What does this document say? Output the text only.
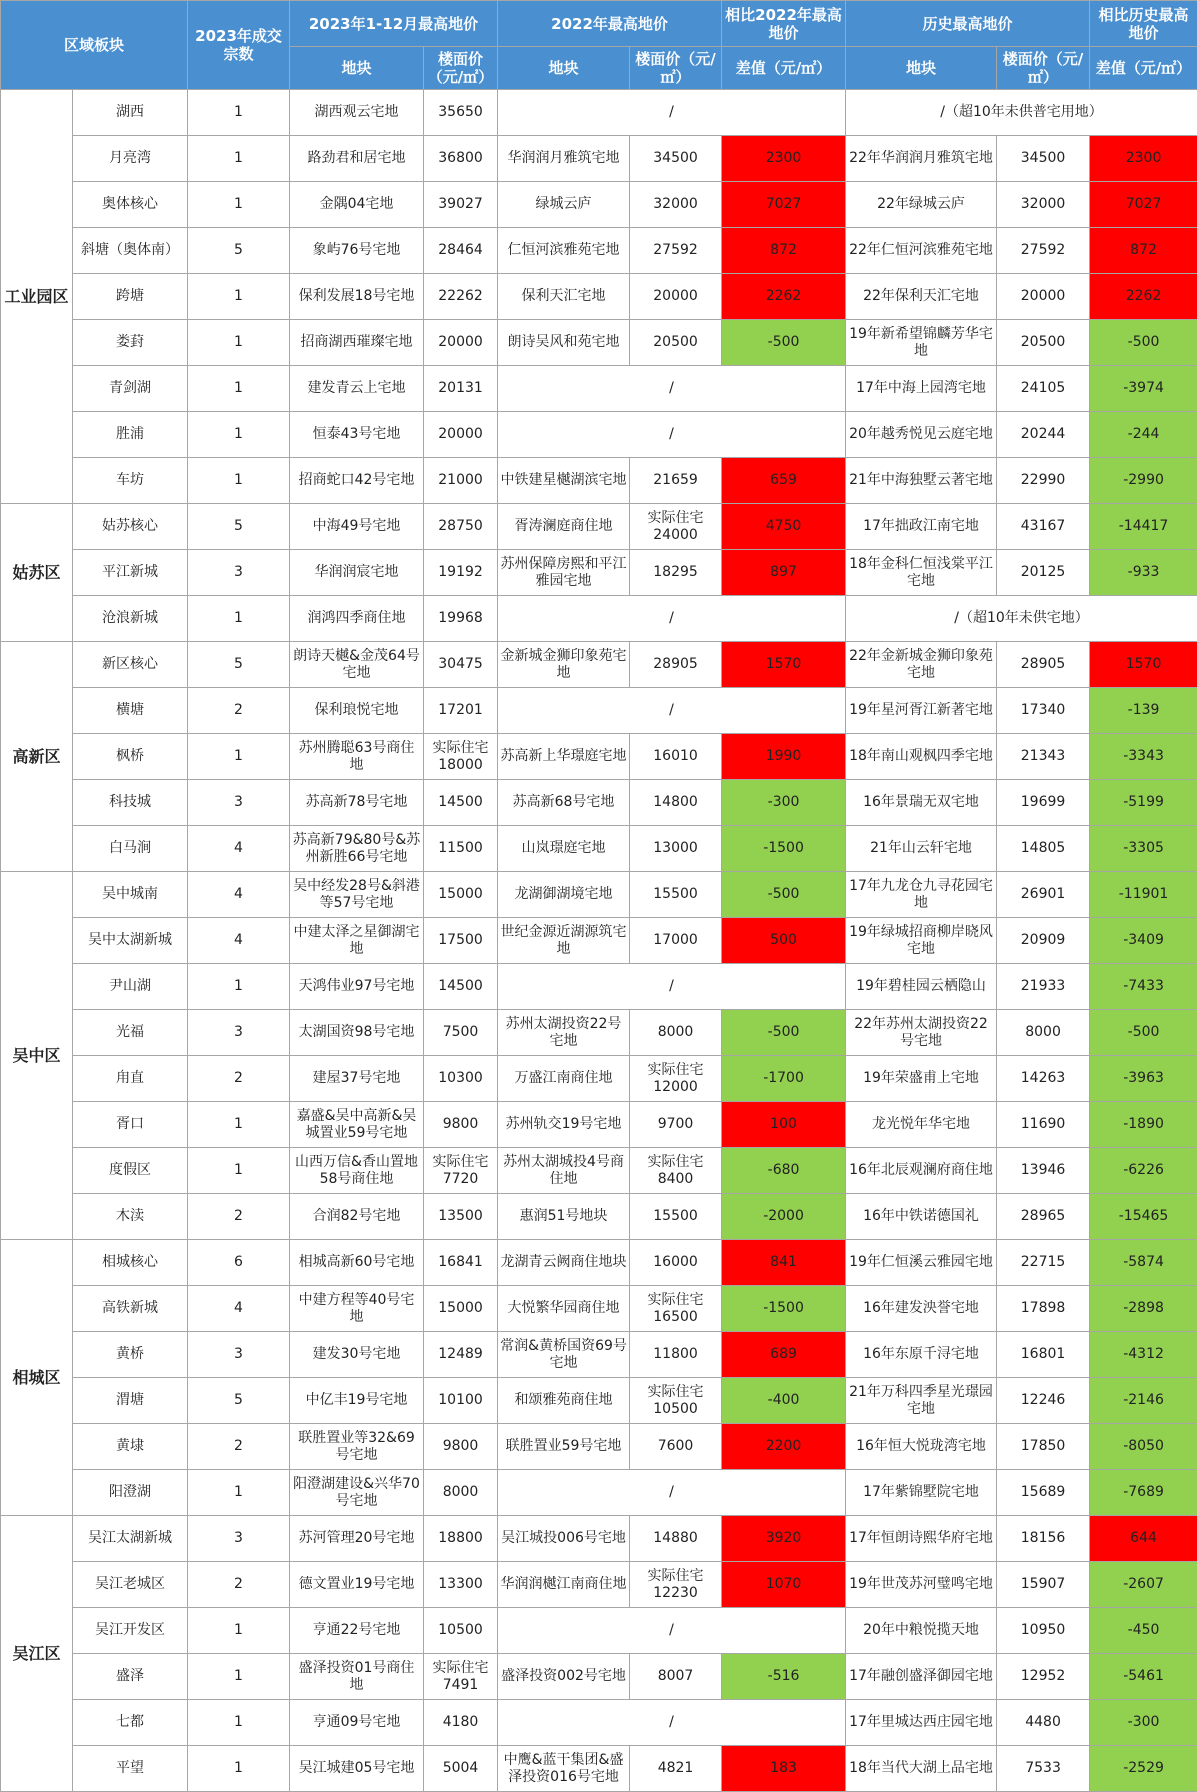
区域板块		2023年成交宗数	2023年1-12月最高地价		2022年最高地价		相比2022年最高地价	历史最高地价		相比历史最高地价
			地块	楼面价（元/㎡）	地块	楼面价（元/㎡）	差值（元/㎡）	地块	楼面价（元/㎡）	差值（元/㎡）
工业园区	湖西	1	湖西观云宅地	35650	/			/（超10年未供普宅用地）		
	月亮湾	1	路劲君和居宅地	36800	华润润月雅筑宅地	34500	2300	22年华润润月雅筑宅地	34500	2300
	奥体核心	1	金隅04宅地	39027	绿城云庐	32000	7027	22年绿城云庐	32000	7027
	斜塘（奥体南）	5	象屿76号宅地	28464	仁恒河滨雅苑宅地	27592	872	22年仁恒河滨雅苑宅地	27592	872
	跨塘	1	保利发展18号宅地	22262	保利天汇宅地	20000	2262	22年保利天汇宅地	20000	2262
	娄葑	1	招商湖西璀璨宅地	20000	朗诗吴风和苑宅地	20500	-500	19年新希望锦麟芳华宅地	20500	-500
	青剑湖	1	建发青云上宅地	20131	/			17年中海上园湾宅地	24105	-3974
	胜浦	1	恒泰43号宅地	20000	/			20年越秀悦见云庭宅地	20244	-244
	车坊	1	招商蛇口42号宅地	21000	中铁建星樾湖滨宅地	21659	659	21年中海独墅云著宅地	22990	-2990
姑苏区	姑苏核心	5	中海49号宅地	28750	胥涛澜庭商住地	实际住宅24000	4750	17年拙政江南宅地	43167	-14417
	平江新城	3	华润润宸宅地	19192	苏州保障房熙和平江雅园宅地	18295	897	18年金科仁恒浅棠平江宅地	20125	-933
	沧浪新城	1	润鸿四季商住地	19968	/			/（超10年未供宅地）		
高新区	新区核心	5	朗诗天樾&金茂64号宅地	30475	金新城金狮印象苑宅地	28905	1570	22年金新城金狮印象苑宅地	28905	1570
	横塘	2	保利琅悦宅地	17201	/			19年星河胥江新著宅地	17340	-139
	枫桥	1	苏州腾聪63号商住地	实际住宅18000	苏高新上华璟庭宅地	16010	1990	18年南山观枫四季宅地	21343	-3343
	科技城	3	苏高新78号宅地	14500	苏高新68号宅地	14800	-300	16年景瑞无双宅地	19699	-5199
	白马涧	4	苏高新79&80号&苏州新胜66号宅地	11500	山岚璟庭宅地	13000	-1500	21年山云轩宅地	14805	-3305
吴中区	吴中城南	4	吴中经发28号&斜港等57号宅地	15000	龙湖御湖境宅地	15500	-500	17年九龙仓九寻花园宅地	26901	-11901
	吴中太湖新城	4	中建太泽之星御湖宅地	17500	世纪金源近湖源筑宅地	17000	500	19年绿城招商柳岸晓风宅地	20909	-3409
	尹山湖	1	天鸿伟业97号宅地	14500	/			19年碧桂园云栖隐山	21933	-7433
	光福	3	太湖国资98号宅地	7500	苏州太湖投资22号宅地	8000	-500	22年苏州太湖投资22号宅地	8000	-500
	甪直	2	建屋37号宅地	10300	万盛江南商住地	实际住宅12000	-1700	19年荣盛甫上宅地	14263	-3963
	胥口	1	嘉盛&吴中高新&吴城置业59号宅地	9800	苏州轨交19号宅地	9700	100	龙光悦年华宅地	11690	-1890
	度假区	1	山西万信&香山置地58号商住地	实际住宅7720	苏州太湖城投4号商住地	实际住宅8400	-680	16年北辰观澜府商住地	13946	-6226
	木渎	2	合润82号宅地	13500	惠润51号地块	15500	-2000	16年中铁诺德国礼	28965	-15465
相城区	相城核心	6	相城高新60号宅地	16841	龙湖青云阙商住地块	16000	841	19年仁恒溪云雅园宅地	22715	-5874
	高铁新城	4	中建方程等40号宅地	15000	大悦繁华园商住地	实际住宅16500	-1500	16年建发泱誉宅地	17898	-2898
	黄桥	3	建发30号宅地	12489	常润&黄桥国资69号宅地	11800	689	16年东原千浔宅地	16801	-4312
	渭塘	5	中亿丰19号宅地	10100	和颂雅苑商住地	实际住宅10500	-400	21年万科四季星光璟园宅地	12246	-2146
	黄埭	2	联胜置业等32&69号宅地	9800	联胜置业59号宅地	7600	2200	16年恒大悦珑湾宅地	17850	-8050
	阳澄湖	1	阳澄湖建设&兴华70号宅地	8000	/			17年紫锦墅院宅地	15689	-7689
吴江区	吴江太湖新城	3	苏河管理20号宅地	18800	吴江城投006号宅地	14880	3920	17年恒朗诗熙华府宅地	18156	644
	吴江老城区	2	德文置业19号宅地	13300	华润润樾江南商住地	实际住宅12230	1070	19年世茂苏河璧鸣宅地	15907	-2607
	吴江开发区	1	亨通22号宅地	10500	/			20年中粮悦揽天地	10950	-450
	盛泽	1	盛泽投资01号商住地	实际住宅7491	盛泽投资002号宅地	8007	-516	17年融创盛泽御园宅地	12952	-5461
	七都	1	亨通09号宅地	4180	/			17年里城达西庄园宅地	4480	-300
	平望	1	吴江城建05号宅地	5004	中鹰&蓝干集团&盛泽投资016号宅地	4821	183	18年当代大湖上品宅地	7533	-2529
